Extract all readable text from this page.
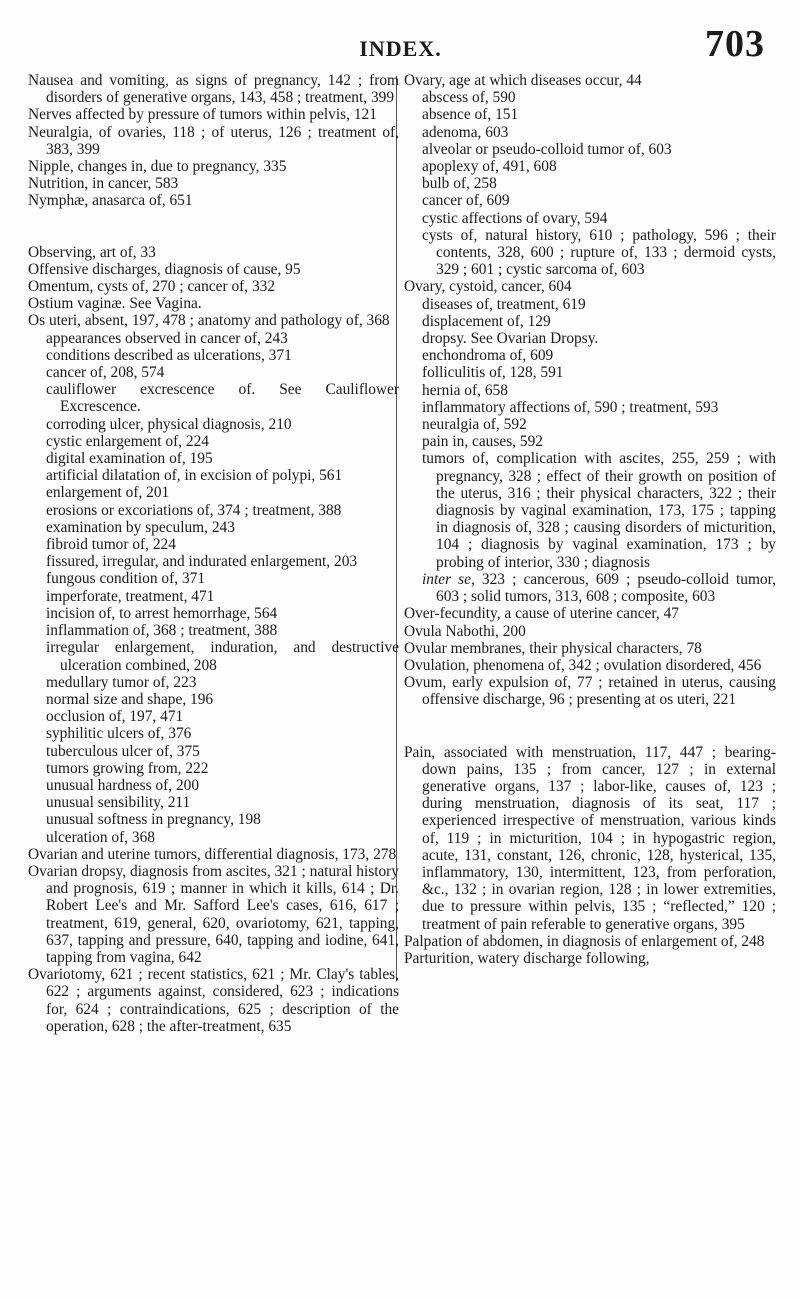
INDEX.	703
Nausea and vomiting, as signs of pregnancy, 142 ; from disorders of generative organs, 143, 458 ; treatment, 399
Nerves affected by pressure of tumors within pelvis, 121
Neuralgia, of ovaries, 118 ; of uterus, 126 ; treatment of, 383, 399
Nipple, changes in, due to pregnancy, 335
Nutrition, in cancer, 583
Nymphæ, anasarca of, 651
Observing, art of, 33
Offensive discharges, diagnosis of cause, 95
Omentum, cysts of, 270 ; cancer of, 332
Ostium vaginæ. See Vagina.
Os uteri, absent, 197, 478 ; anatomy and pathology of, 368
appearances observed in cancer of, 243
conditions described as ulcerations, 371
cancer of, 208, 574
cauliflower excrescence of. See Cauliflower Excrescence.
corroding ulcer, physical diagnosis, 210
cystic enlargement of, 224
digital examination of, 195
artificial dilatation of, in excision of polypi, 561
enlargement of, 201
erosions or excoriations of, 374 ; treatment, 388
examination by speculum, 243
fibroid tumor of, 224
fissured, irregular, and indurated enlargement, 203
fungous condition of, 371
imperforate, treatment, 471
incision of, to arrest hemorrhage, 564
inflammation of, 368 ; treatment, 388
irregular enlargement, induration, and destructive ulceration combined, 208
medullary tumor of, 223
normal size and shape, 196
occlusion of, 197, 471
syphilitic ulcers of, 376
tuberculous ulcer of, 375
tumors growing from, 222
unusual hardness of, 200
unusual sensibility, 211
unusual softness in pregnancy, 198
ulceration of, 368
Ovarian and uterine tumors, differential diagnosis, 173, 278
Ovarian dropsy, diagnosis from ascites, 321 ; natural history and prognosis, 619 ; manner in which it kills, 614 ; Dr. Robert Lee's and Mr. Safford Lee's cases, 616, 617 ; treatment, 619, general, 620, ovariotomy, 621, tapping, 637, tapping and pressure, 640, tapping and iodine, 641, tapping from vagina, 642
Ovariotomy, 621 ; recent statistics, 621 ; Mr. Clay's tables, 622 ; arguments against, considered, 623 ; indications for, 624 ; contraindications, 625 ; description of the operation, 628 ; the after-treatment, 635
Ovary, age at which diseases occur, 44
abscess of, 590
absence of, 151
adenoma, 603
alveolar or pseudo-colloid tumor of, 603
apoplexy of, 491, 608
bulb of, 258
cancer of, 609
cystic affections of ovary, 594
cysts of, natural history, 610 ; pathology, 596 ; their contents, 328, 600 ; rupture of, 133 ; dermoid cysts, 329 ; 601 ; cystic sarcoma of, 603
Ovary, cystoid, cancer, 604
diseases of, treatment, 619
displacement of, 129
dropsy. See Ovarian Dropsy.
enchondroma of, 609
folliculitis of, 128, 591
hernia of, 658
inflammatory affections of, 590 ; treatment, 593
neuralgia of, 592
pain in, causes, 592
tumors of, complication with ascites, 255, 259 ; with pregnancy, 328 ; effect of their growth on position of the uterus, 316 ; their physical characters, 322 ; their diagnosis by vaginal examination, 173, 175 ; tapping in diagnosis of, 328 ; causing disorders of micturition, 104 ; diagnosis by vaginal examination, 173 ; by probing of interior, 330 ; diagnosis
inter se, 323 ; cancerous, 609 ; pseudo-colloid tumor, 603 ; solid tumors, 313, 608 ; composite, 603
Over-fecundity, a cause of uterine cancer, 47
Ovula Nabothi, 200
Ovular membranes, their physical characters, 78
Ovulation, phenomena of, 342 ; ovulation disordered, 456
Ovum, early expulsion of, 77 ; retained in uterus, causing offensive discharge, 96 ; presenting at os uteri, 221
Pain, associated with menstruation, 117, 447 ; bearing-down pains, 135 ; from cancer, 127 ; in external generative organs, 137 ; labor-like, causes of, 123 ; during menstruation, diagnosis of its seat, 117 ; experienced irrespective of menstruation, various kinds of, 119 ; in micturition, 104 ; in hypogastric region, acute, 131, constant, 126, chronic, 128, hysterical, 135, inflammatory, 130, intermittent, 123, from perforation, &c., 132 ; in ovarian region, 128 ; in lower extremities, due to pressure within pelvis, 135 ; “reflected,” 120 ; treatment of pain referable to generative organs, 395
Palpation of abdomen, in diagnosis of enlargement of, 248
Parturition, watery discharge following,
